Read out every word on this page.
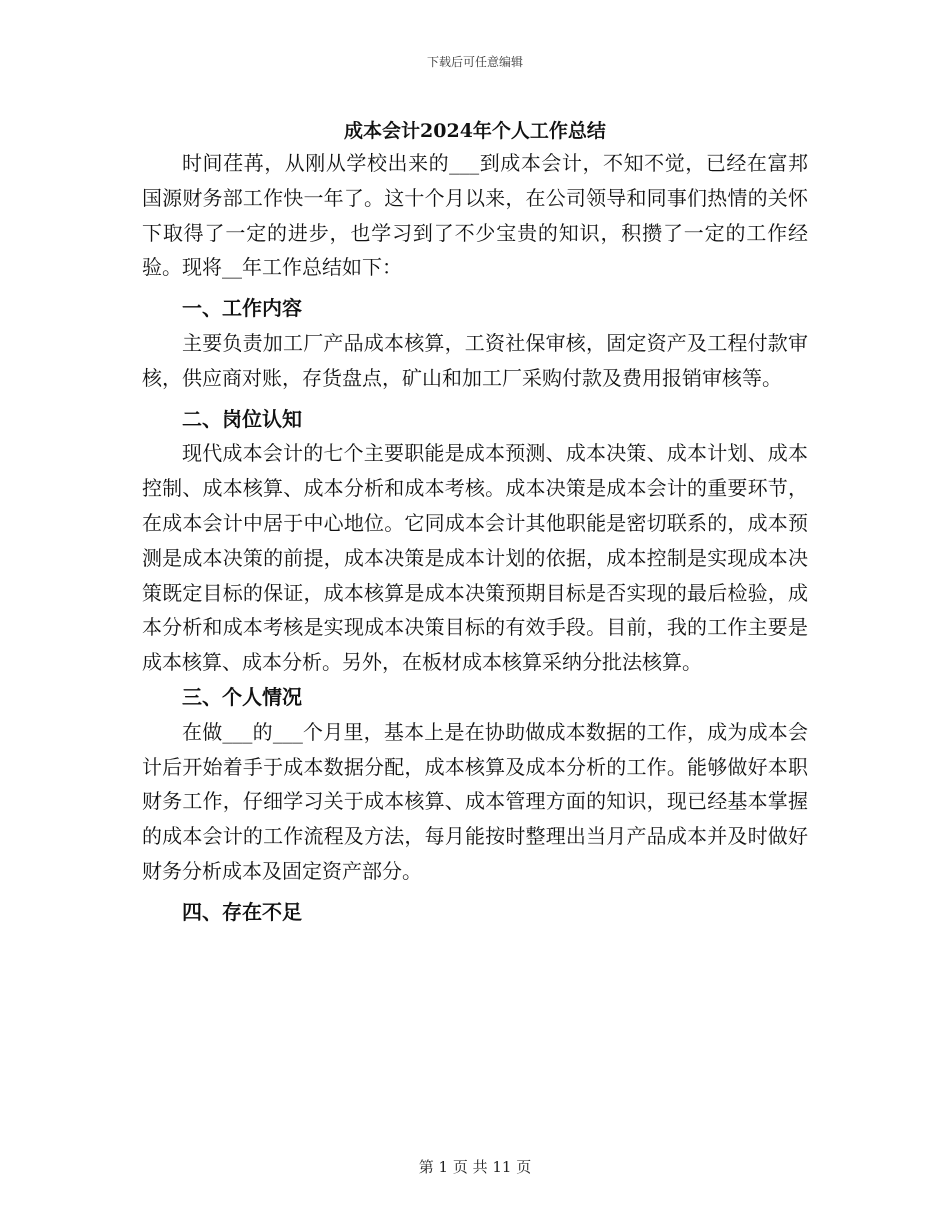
下载后可任意编辑
成本会计2024年个人工作总结

时间荏苒，从刚从学校出来的___到成本会计，不知不觉，已经在富邦国源财务部工作快一年了。这十个月以来，在公司领导和同事们热情的关怀下取得了一定的进步，也学习到了不少宝贵的知识，积攒了一定的工作经验。现将__年工作总结如下：

一、工作内容

主要负责加工厂产品成本核算，工资社保审核，固定资产及工程付款审核，供应商对账，存货盘点，矿山和加工厂采购付款及费用报销审核等。

二、岗位认知

现代成本会计的七个主要职能是成本预测、成本决策、成本计划、成本控制、成本核算、成本分析和成本考核。成本决策是成本会计的重要环节，在成本会计中居于中心地位。它同成本会计其他职能是密切联系的，成本预测是成本决策的前提，成本决策是成本计划的依据，成本控制是实现成本决策既定目标的保证，成本核算是成本决策预期目标是否实现的最后检验，成本分析和成本考核是实现成本决策目标的有效手段。目前，我的工作主要是成本核算、成本分析。另外，在板材成本核算采纳分批法核算。

三、个人情况

在做___的___个月里，基本上是在协助做成本数据的工作，成为成本会计后开始着手于成本数据分配，成本核算及成本分析的工作。能够做好本职财务工作，仔细学习关于成本核算、成本管理方面的知识，现已经基本掌握的成本会计的工作流程及方法，每月能按时整理出当月产品成本并及时做好财务分析成本及固定资产部分。

四、存在不足

第 1 页 共 11 页
